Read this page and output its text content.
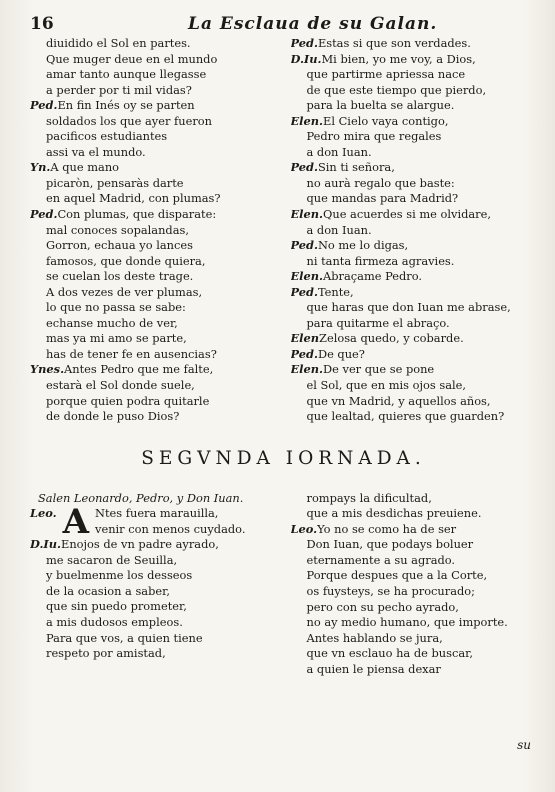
16	La Esclaua de su Galan.
diuidido el Sol en partes.
Que muger deue en el mundo
amar tanto aunque llegasse
a perder por ti mil vidas?
Ped.En fin Inés oy se parten
soldados los que ayer fueron
pacificos estudiantes
assi va el mundo.
Yn.A que mano
picaròn, pensaràs darte
en aquel Madrid, con plumas?
Ped.Con plumas, que disparate:
mal conoces sopalandas,
Gorron, echaua yo lances
famosos, que donde quiera,
se cuelan los deste trage.
A dos vezes de ver plumas,
lo que no passa se sabe:
echanse mucho de ver,
mas ya mi amo se parte,
has de tener fe en ausencias?
Ynes.Antes Pedro que me falte,
estarà el Sol donde suele,
porque quien podra quitarle
de donde le puso Dios?
Ped.Estas si que son verdades.
D.Iu.Mi bien, yo me voy, a Dios,
que partirme apriessa nace
de que este tiempo que pierdo,
para la buelta se alargue.
Elen.El Cielo vaya contigo,
Pedro mira que regales
a don Iuan.
Ped.Sin ti señora,
no aurà regalo que baste:
que mandas para Madrid?
Elen.Que acuerdes si me olvidare,
a don Iuan.
Ped.No me lo digas,
ni tanta firmeza agravies.
Elen.Abraçame Pedro.
Ped.Tente,
que haras que don Iuan me abrase,
para quitarme el abraço.
ElenZelosa quedo, y cobarde.
Ped.De que?
Elen.De ver que se pone
el Sol, que en mis ojos sale,
que vn Madrid, y aquellos años,
que lealtad, quieres que guarden?
SEGVNDA IORNADA.
Salen Leonardo, Pedro, y Don Iuan.
Leo. A Ntes fuera marauilla,
venir con menos cuydado.
D.Iu.Enojos de vn padre ayrado,
me sacaron de Seuilla,
y buelmenme los desseos
de la ocasion a saber,
que sin puedo prometer,
a mis dudosos empleos.
Para que vos, a quien tiene
respeto por amistad,
rompays la dificultad,
que a mis desdichas preuiene.
Leo.Yo no se como ha de ser
Don Iuan, que podays boluer
eternamente a su agrado.
Porque despues que a la Corte,
os fuysteys, se ha procurado;
pero con su pecho ayrado,
no ay medio humano, que importe.
Antes hablando se jura,
que vn esclauo ha de buscar,
a quien le piensa dexar
su
